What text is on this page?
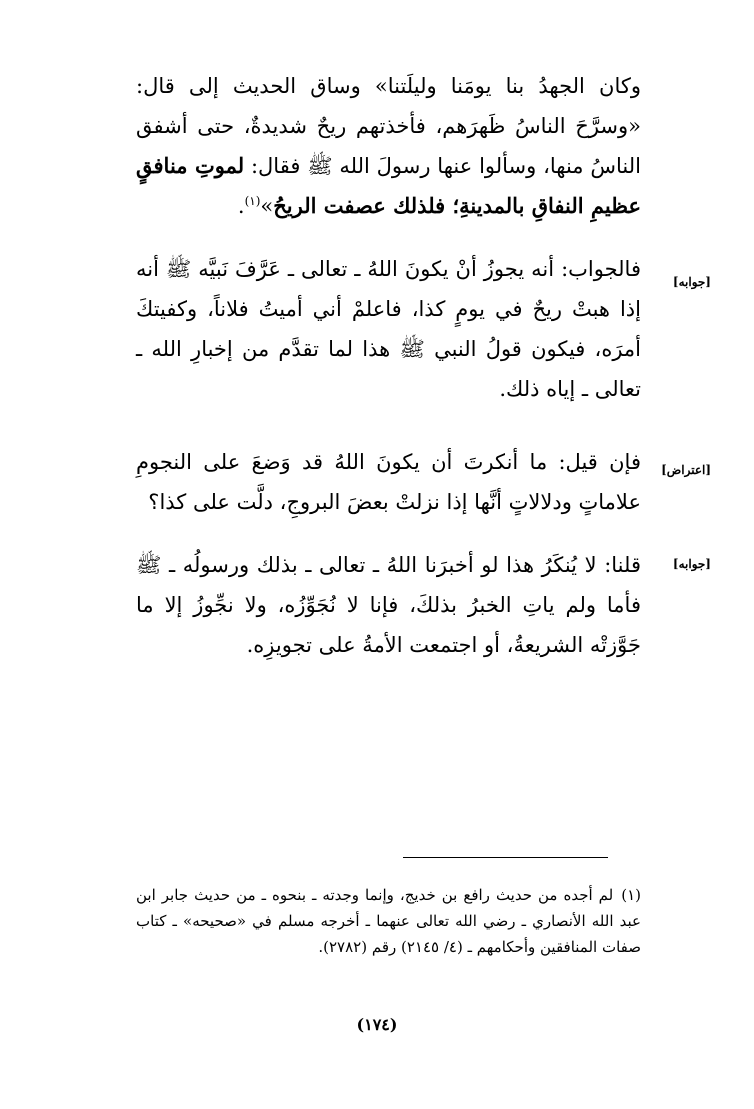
وكان الجهدُ بنا يومَنا وليلَتنا» وساق الحديث إلى قال: «وسرَّحَ الناسُ ظَهرَهم، فأخذتهم ريحٌ شديدةٌ، حتى أشفق الناسُ منها، وسألوا عنها رسولَ الله ﷺ فقال: لموتِ منافقٍ عظيمِ النفاقِ بالمدينةِ؛ فلذلك عصفت الريحُ»$^{(١)}$.

[جوابه]

فالجواب: أنه يجوزُ أنْ يكونَ اللهُ ـ تعالى ـ عَرَّفَ نَبيَّه ﷺ أنه إذا هبتْ ريحٌ في يومٍ كذا، فاعلمْ أني أميتُ فلاناً، وكفيتكَ أمرَه، فيكون قولُ النبي ﷺ هذا لما تقدَّم من إخبارِ الله ـ تعالى ـ إياه ذلك.

[اعتراض]

فإن قيل: ما أنكرتَ أن يكونَ اللهُ قد وَضعَ على النجومِ علاماتٍ ودلالاتٍ أنَّها إذا نزلتْ بعضَ البروجِ، دلَّت على كذا؟

[جوابه]

قلنا: لا يُنكَرُ هذا لو أخبرَنا اللهُ ـ تعالى ـ بذلك ورسولُه ـ ﷺ فأما ولم ياتِ الخبرُ بذلكَ، فإنا لا نُجَوِّزُه، ولا نجِّوزُ إلا ما جَوَّزتْه الشريعةُ، أو اجتمعت الأمةُ على تجويزِه.

(١)لم أجده من حديث رافع بن خديج، وإنما وجدته ـ بنحوه ـ من حديث جابر ابن عبد الله الأنصاري ـ رضي الله تعالى عنهما ـ أخرجه مسلم في «صحيحه» ـ كتاب صفات المنافقين وأحكامهم ـ (٤/ ٢١٤٥) رقم (٢٧٨٢).

(١٧٤)
